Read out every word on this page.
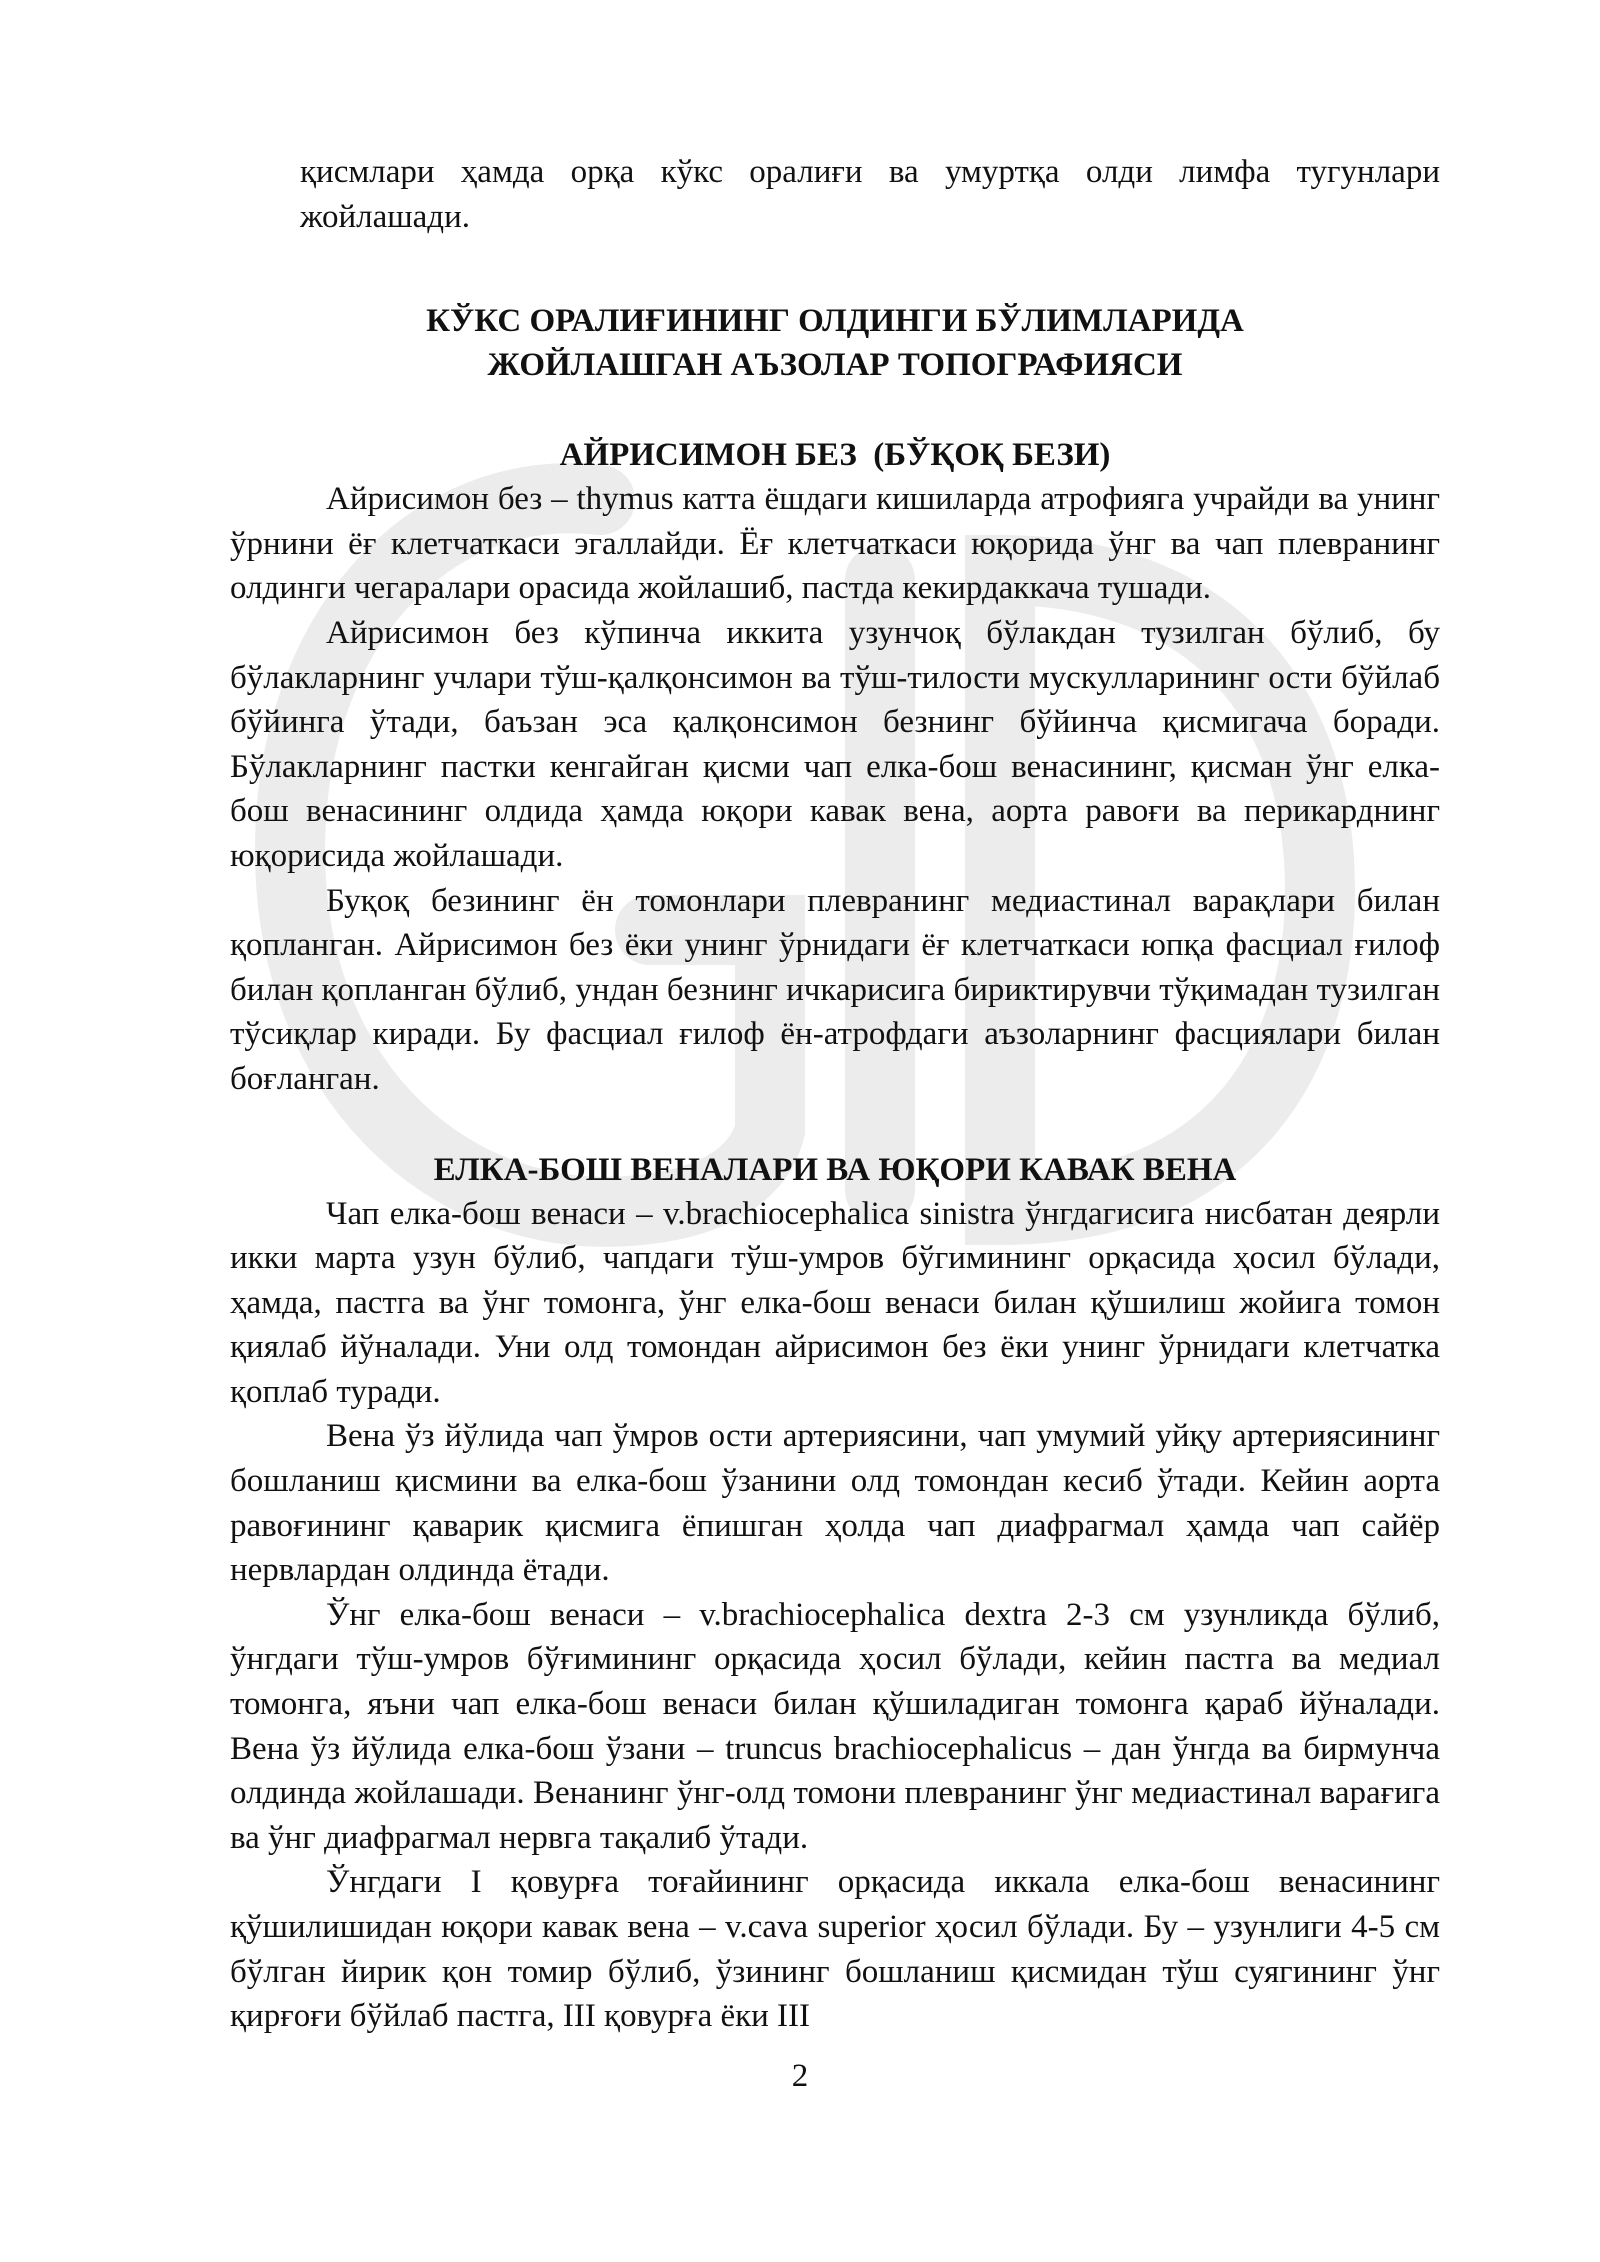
қисмлари ҳамда орқа кўкс оралиғи ва умуртқа олди лимфа тугунлари жойлашади.

КЎКС ОРАЛИҒИНИНГ ОЛДИНГИ БЎЛИМЛАРИДА
ЖОЙЛАШГАН АЪЗОЛАР ТОПОГРАФИЯСИ
АЙРИСИМОН БЕЗ  (БЎҚОҚ БЕЗИ)

Айрисимон без – thymus катта ёшдаги кишиларда атрофияга учрайди ва унинг ўрнини ёғ клетчаткаси эгаллайди. Ёғ клетчаткаси юқорида ўнг ва чап плевранинг олдинги чегаралари орасида жойлашиб, пастда кекирдаккача тушади.

Айрисимон без кўпинча иккита узунчоқ бўлакдан тузилган бўлиб, бу бўлакларнинг учлари тўш-қалқонсимон ва тўш-тилости мускулларининг ости бўйлаб бўйинга ўтади, баъзан эса қалқонсимон безнинг бўйинча қисмигача боради. Бўлакларнинг пастки кенгайган қисми чап елка-бош венасининг, қисман ўнг елка-бош венасининг олдида ҳамда юқори кавак вена, аорта равоғи ва перикарднинг юқорисида жойлашади.

Буқоқ безининг ён томонлари плевранинг медиастинал варақлари билан қопланган. Айрисимон без ёки унинг ўрнидаги ёғ клетчаткаси юпқа фасциал ғилоф билан қопланган бўлиб, ундан безнинг ичкарисига бириктирувчи тўқимадан тузилган тўсиқлар киради. Бу фасциал ғилоф ён-атрофдаги аъзоларнинг фасциялари билан боғланган.

ЕЛКА-БОШ ВЕНАЛАРИ ВА ЮҚОРИ КАВАК ВЕНА

Чап елка-бош венаси – v.brachiocephalica sinistra ўнгдагисига нисбатан деярли икки марта узун бўлиб, чапдаги тўш-умров бўгимининг орқасида ҳосил бўлади, ҳамда, пастга ва ўнг томонга, ўнг елка-бош венаси билан қўшилиш жойига томон қиялаб йўналади. Уни олд томондан айрисимон без ёки унинг ўрнидаги клетчатка қоплаб туради.

Вена ўз йўлида чап ўмров ости артериясини, чап умумий уйқу артериясининг бошланиш қисмини ва елка-бош ўзанини олд томондан кесиб ўтади. Кейин аорта равоғининг қаварик қисмига ёпишган ҳолда чап диафрагмал ҳамда чап сайёр нервлардан олдинда ётади.

Ўнг елка-бош венаси – v.brachiocephalica dextra 2-3 см узунликда бўлиб, ўнгдаги тўш-умров бўғимининг орқасида ҳосил бўлади, кейин пастга ва медиал томонга, яъни чап елка-бош венаси билан қўшиладиган томонга қараб йўналади. Вена ўз йўлида елка-бош ўзани – truncus brachiocephalicus – дан ўнгда ва бирмунча олдинда жойлашади. Венанинг ўнг-олд томони плевранинг ўнг медиастинал варағига ва ўнг диафрагмал нервга тақалиб ўтади.

Ўнгдаги I қовурға тоғайининг орқасида иккала елка-бош венасининг қўшилишидан юқори кавак вена – v.cava superior ҳосил бўлади. Бу – узунлиги 4-5 см бўлган йирик қон томир бўлиб, ўзининг бошланиш қисмидан тўш суягининг ўнг қирғоғи бўйлаб пастга, III қовурға ёки III

2
